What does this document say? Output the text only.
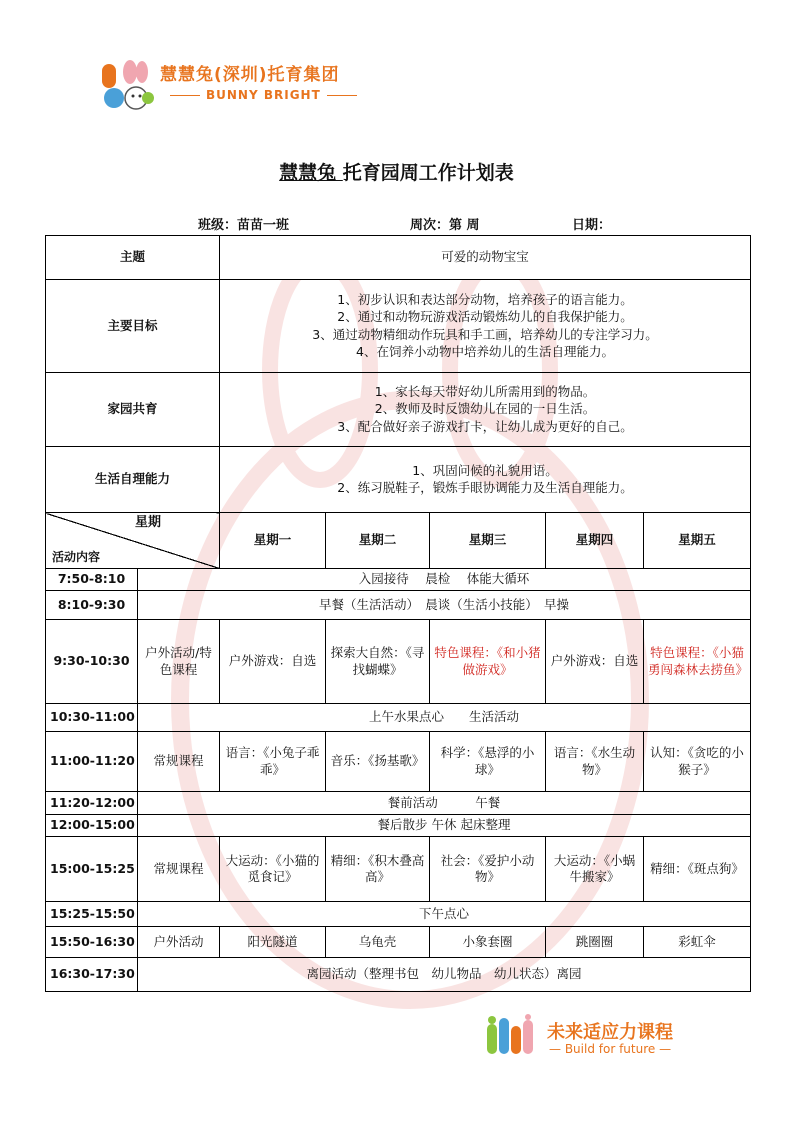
慧慧兔(深圳)托育集团
BUNNY BRIGHT
慧慧兔 托育园周工作计划表
班级：苗苗一班	周次：第 周	日期：
主题		可爱的动物宝宝				
主要目标		1、初步认识和表达部分动物，培养孩子的语言能力。
2、通过和动物玩游戏活动锻炼幼儿的自我保护能力。
3、通过动物精细动作玩具和手工画，培养幼儿的专注学习力。
4、在饲养小动物中培养幼儿的生活自理能力。				

家园共育		1、家长每天带好幼儿所需用到的物品。
2、教师及时反馈幼儿在园的一日生活。
3、配合做好亲子游戏打卡，让幼儿成为更好的自己。				

生活自理能力		1、巩固问候的礼貌用语。
2、练习脱鞋子，锻炼手眼协调能力及生活自理能力。				

星期
活动内容		星期一	星期二	星期三	星期四	星期五
7:50-8:10	入园接待　 晨检　 体能大循环					
8:10-9:30	早餐（生活活动）　晨谈（生活小技能）　早操					
9:30-10:30	户外活动/特色课程	户外游戏：自选	探索大自然：《寻找蝴蝶》	特色课程：《和小猪做游戏》	户外游戏：自选	特色课程：《小猫勇闯森林去捞鱼》
10:30-11:00	上午水果点心　　生活活动					
11:00-11:20	常规课程	语言：《小兔子乖乖》	音乐：《扬基歌》	科学：《悬浮的小球》	语言：《水生动物》	认知：《贪吃的小猴子》
11:20-12:00	餐前活动　　　午餐					
12:00-15:00	餐后散步 午休 起床整理					
15:00-15:25	常规课程	大运动：《小猫的觅食记》	精细：《积木叠高高》	社会：《爱护小动物》	大运动：《小蜗牛搬家》	精细：《斑点狗》
15:25-15:50	下午点心					
15:50-16:30	户外活动	阳光隧道	乌龟壳	小象套圈	跳圈圈	彩虹伞
16:30-17:30	离园活动（整理书包　幼儿物品　幼儿状态）离园					
未来适应力课程
— Build for future —
